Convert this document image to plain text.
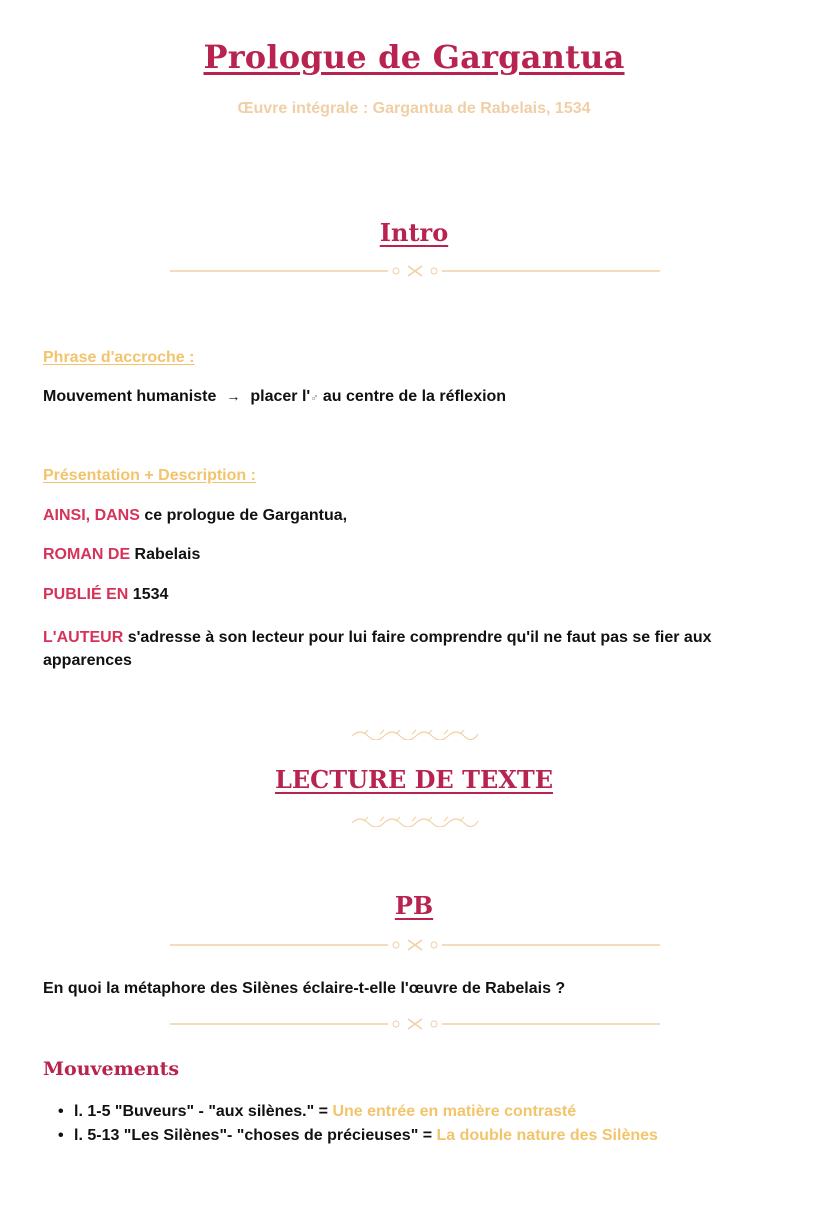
Prologue de Gargantua
Œuvre intégrale : Gargantua de Rabelais, 1534
Intro
Phrase d'accroche :
Mouvement humaniste → placer l'♂ au centre de la réflexion
Présentation + Description :
AINSI, DANS ce prologue de Gargantua,
ROMAN DE Rabelais
PUBLIÉ EN 1534
L'AUTEUR s'adresse à son lecteur pour lui faire comprendre qu'il ne faut pas se fier aux apparences
LECTURE DE TEXTE
PB
En quoi la métaphore des Silènes éclaire-t-elle l'œuvre de Rabelais ?
Mouvements
• l. 1-5 "Buveurs" - "aux silènes." = Une entrée en matière contrasté
• l. 5-13 "Les Silènes"- "choses de précieuses" = La double nature des Silènes
